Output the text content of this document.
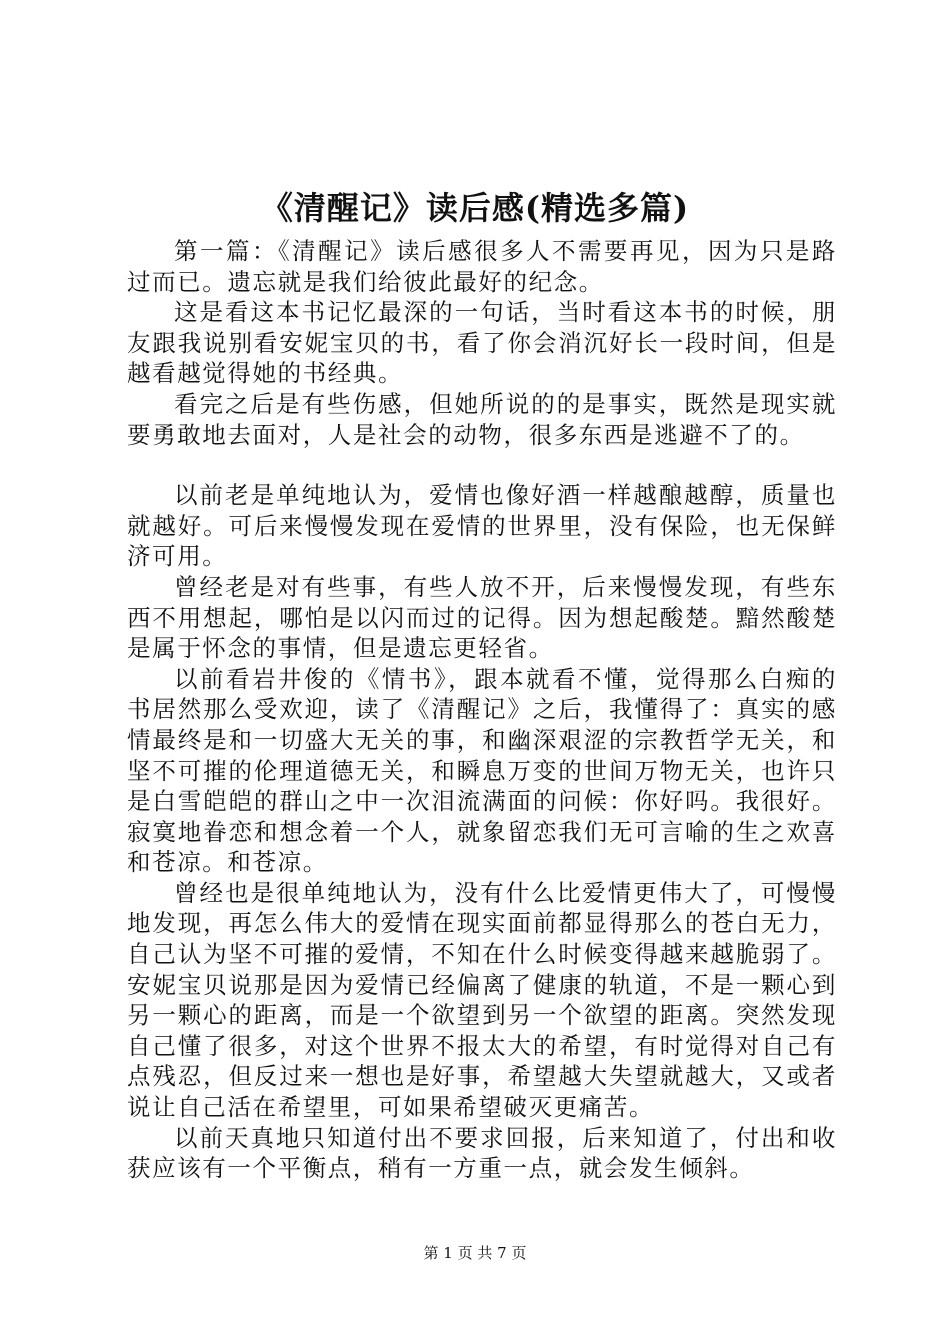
《清醒记》读后感(精选多篇)

第一篇：《清醒记》读后感很多人不需要再见，因为只是路过而已。遗忘就是我们给彼此最好的纪念。

这是看这本书记忆最深的一句话，当时看这本书的时候，朋友跟我说别看安妮宝贝的书，看了你会消沉好长一段时间，但是越看越觉得她的书经典。

看完之后是有些伤感，但她所说的的是事实，既然是现实就要勇敢地去面对，人是社会的动物，很多东西是逃避不了的。

以前老是单纯地认为，爱情也像好酒一样越酿越醇，质量也就越好。可后来慢慢发现在爱情的世界里，没有保险，也无保鲜济可用。

曾经老是对有些事，有些人放不开，后来慢慢发现，有些东西不用想起，哪怕是以闪而过的记得。因为想起酸楚。黯然酸楚是属于怀念的事情，但是遗忘更轻省。

以前看岩井俊的《情书》，跟本就看不懂，觉得那么白痴的书居然那么受欢迎，读了《清醒记》之后，我懂得了：真实的感情最终是和一切盛大无关的事，和幽深艰涩的宗教哲学无关，和坚不可摧的伦理道德无关，和瞬息万变的世间万物无关，也许只是白雪皑皑的群山之中一次泪流满面的问候：你好吗。我很好。寂寞地眷恋和想念着一个人，就象留恋我们无可言喻的生之欢喜和苍凉。和苍凉。

曾经也是很单纯地认为，没有什么比爱情更伟大了，可慢慢地发现，再怎么伟大的爱情在现实面前都显得那么的苍白无力，自己认为坚不可摧的爱情，不知在什么时候变得越来越脆弱了。安妮宝贝说那是因为爱情已经偏离了健康的轨道，不是一颗心到另一颗心的距离，而是一个欲望到另一个欲望的距离。突然发现自己懂了很多，对这个世界不报太大的希望，有时觉得对自己有点残忍，但反过来一想也是好事，希望越大失望就越大，又或者说让自己活在希望里，可如果希望破灭更痛苦。

以前天真地只知道付出不要求回报，后来知道了，付出和收获应该有一个平衡点，稍有一方重一点，就会发生倾斜。

第 1 页 共 7 页
